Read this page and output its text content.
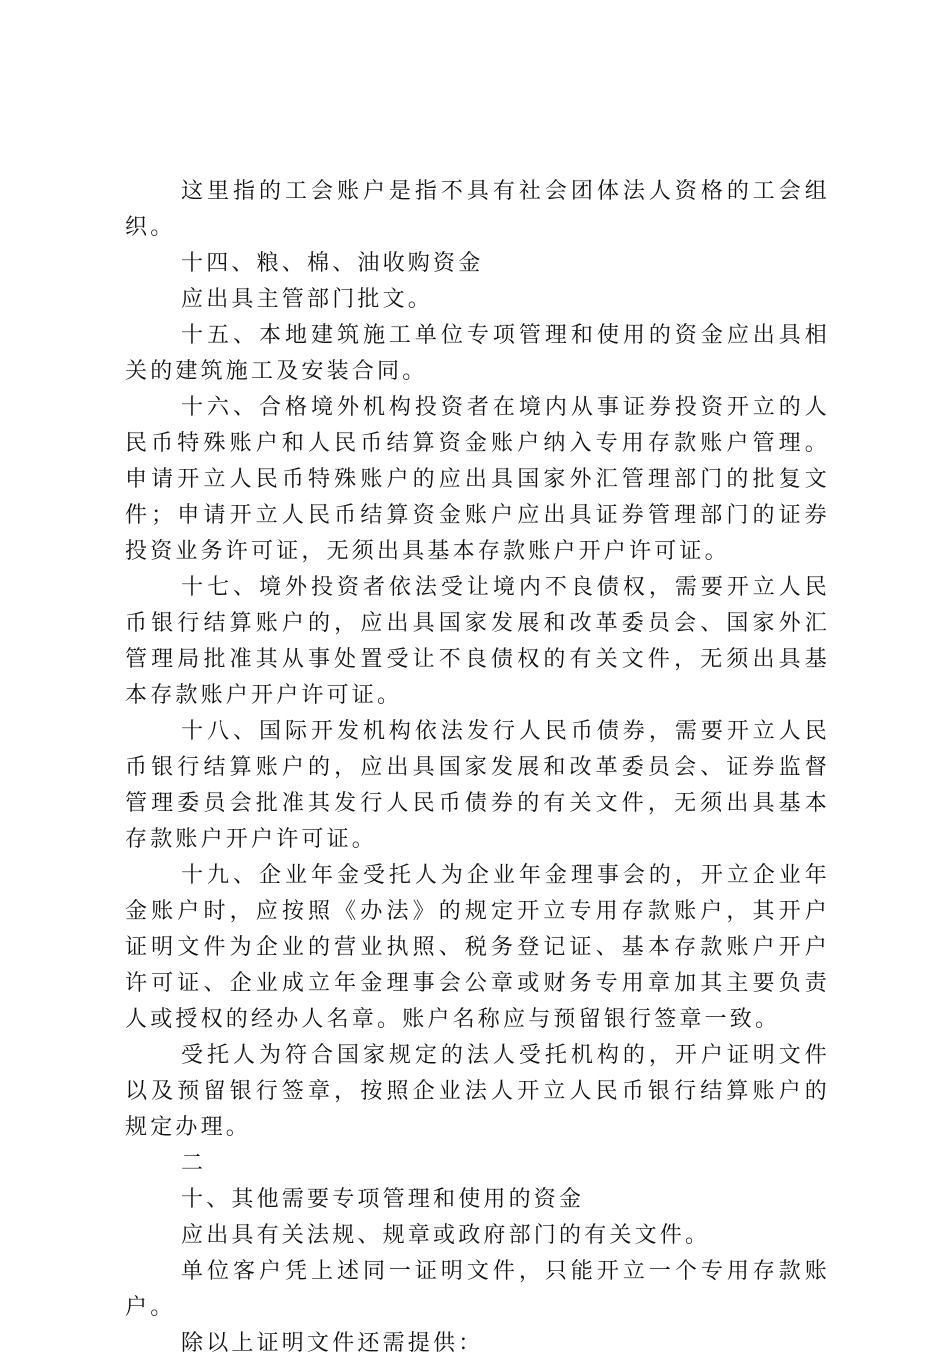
这里指的工会账户是指不具有社会团体法人资格的工会组织。

十四、粮、棉、油收购资金

应出具主管部门批文。

十五、本地建筑施工单位专项管理和使用的资金应出具相关的建筑施工及安装合同。

十六、合格境外机构投资者在境内从事证券投资开立的人民币特殊账户和人民币结算资金账户纳入专用存款账户管理。申请开立人民币特殊账户的应出具国家外汇管理部门的批复文件；申请开立人民币结算资金账户应出具证券管理部门的证券投资业务许可证，无须出具基本存款账户开户许可证。

十七、境外投资者依法受让境内不良债权，需要开立人民币银行结算账户的，应出具国家发展和改革委员会、国家外汇管理局批准其从事处置受让不良债权的有关文件，无须出具基本存款账户开户许可证。

十八、国际开发机构依法发行人民币债券，需要开立人民币银行结算账户的，应出具国家发展和改革委员会、证券监督管理委员会批准其发行人民币债券的有关文件，无须出具基本存款账户开户许可证。

十九、企业年金受托人为企业年金理事会的，开立企业年金账户时，应按照《办法》的规定开立专用存款账户，其开户证明文件为企业的营业执照、税务登记证、基本存款账户开户许可证、企业成立年金理事会公章或财务专用章加其主要负责人或授权的经办人名章。账户名称应与预留银行签章一致。

受托人为符合国家规定的法人受托机构的，开户证明文件以及预留银行签章，按照企业法人开立人民币银行结算账户的规定办理。

二

十、其他需要专项管理和使用的资金

应出具有关法规、规章或政府部门的有关文件。

单位客户凭上述同一证明文件，只能开立一个专用存款账户。

除以上证明文件还需提供：
